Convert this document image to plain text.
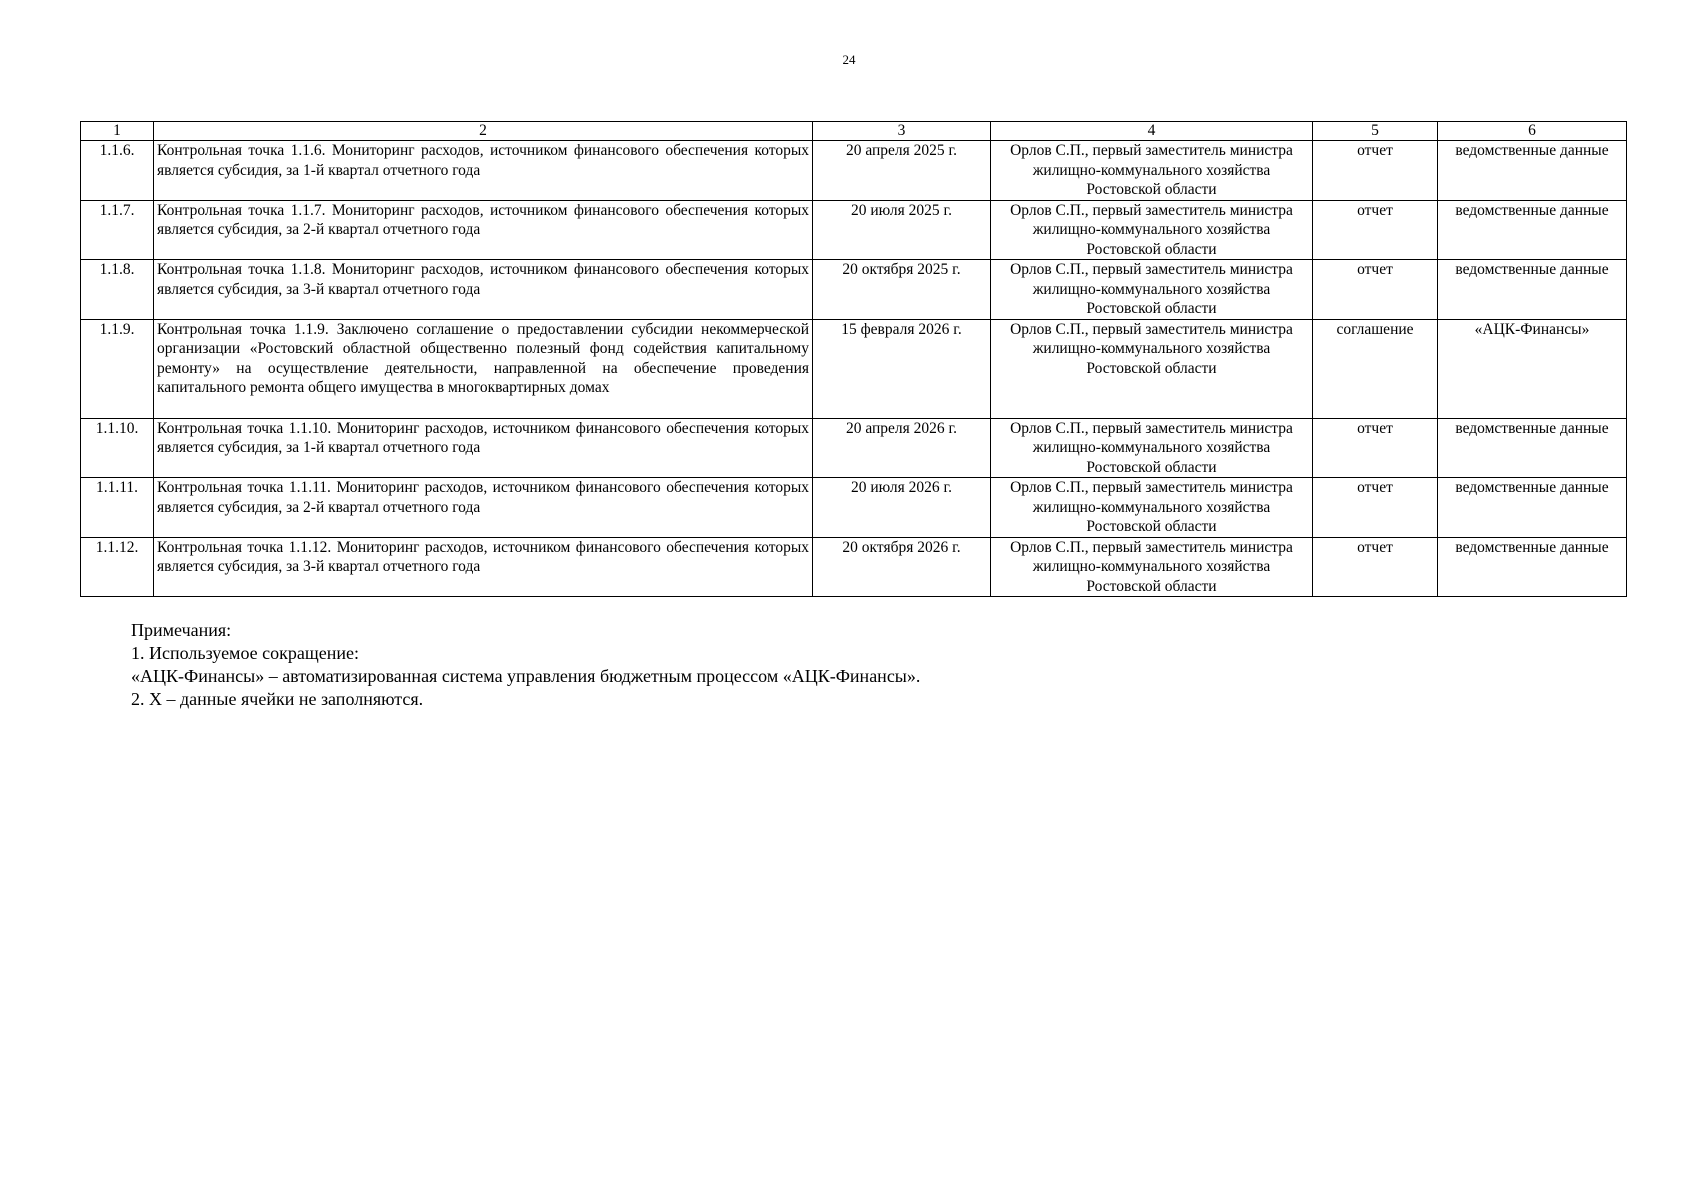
24
1	2	3	4	5	6
1.1.6.	Контрольная точка 1.1.6. Мониторинг расходов, источником финансового обеспечения которых является субсидия, за 1-й квартал отчетного года	20 апреля 2025 г.	Орлов С.П., первый заместитель министра жилищно-коммунального хозяйства Ростовской области	отчет	ведомственные данные
1.1.7.	Контрольная точка 1.1.7. Мониторинг расходов, источником финансового обеспечения которых является субсидия, за 2-й квартал отчетного года	20 июля 2025 г.	Орлов С.П., первый заместитель министра жилищно-коммунального хозяйства Ростовской области	отчет	ведомственные данные
1.1.8.	Контрольная точка 1.1.8. Мониторинг расходов, источником финансового обеспечения которых является субсидия, за 3-й квартал отчетного года	20 октября 2025 г.	Орлов С.П., первый заместитель министра жилищно-коммунального хозяйства Ростовской области	отчет	ведомственные данные
1.1.9.	Контрольная точка 1.1.9. Заключено соглашение о предоставлении субсидии некоммерческой организации «Ростовский областной общественно полезный фонд содействия капитальному ремонту» на осуществление деятельности, направленной на обеспечение проведения капитального ремонта общего имущества в многоквартирных домах	15 февраля 2026 г.	Орлов С.П., первый заместитель министра жилищно-коммунального хозяйства Ростовской области	соглашение	«АЦК-Финансы»
1.1.10.	Контрольная точка 1.1.10. Мониторинг расходов, источником финансового обеспечения которых является субсидия, за 1-й квартал отчетного года	20 апреля 2026 г.	Орлов С.П., первый заместитель министра жилищно-коммунального хозяйства Ростовской области	отчет	ведомственные данные
1.1.11.	Контрольная точка 1.1.11. Мониторинг расходов, источником финансового обеспечения которых является субсидия, за 2-й квартал отчетного года	20 июля 2026 г.	Орлов С.П., первый заместитель министра жилищно-коммунального хозяйства Ростовской области	отчет	ведомственные данные
1.1.12.	Контрольная точка 1.1.12. Мониторинг расходов, источником финансового обеспечения которых является субсидия, за 3-й квартал отчетного года	20 октября 2026 г.	Орлов С.П., первый заместитель министра жилищно-коммунального хозяйства Ростовской области	отчет	ведомственные данные
Примечания:
1. Используемое сокращение:
«АЦК-Финансы» – автоматизированная система управления бюджетным процессом «АЦК-Финансы».
2. Х – данные ячейки не заполняются.
